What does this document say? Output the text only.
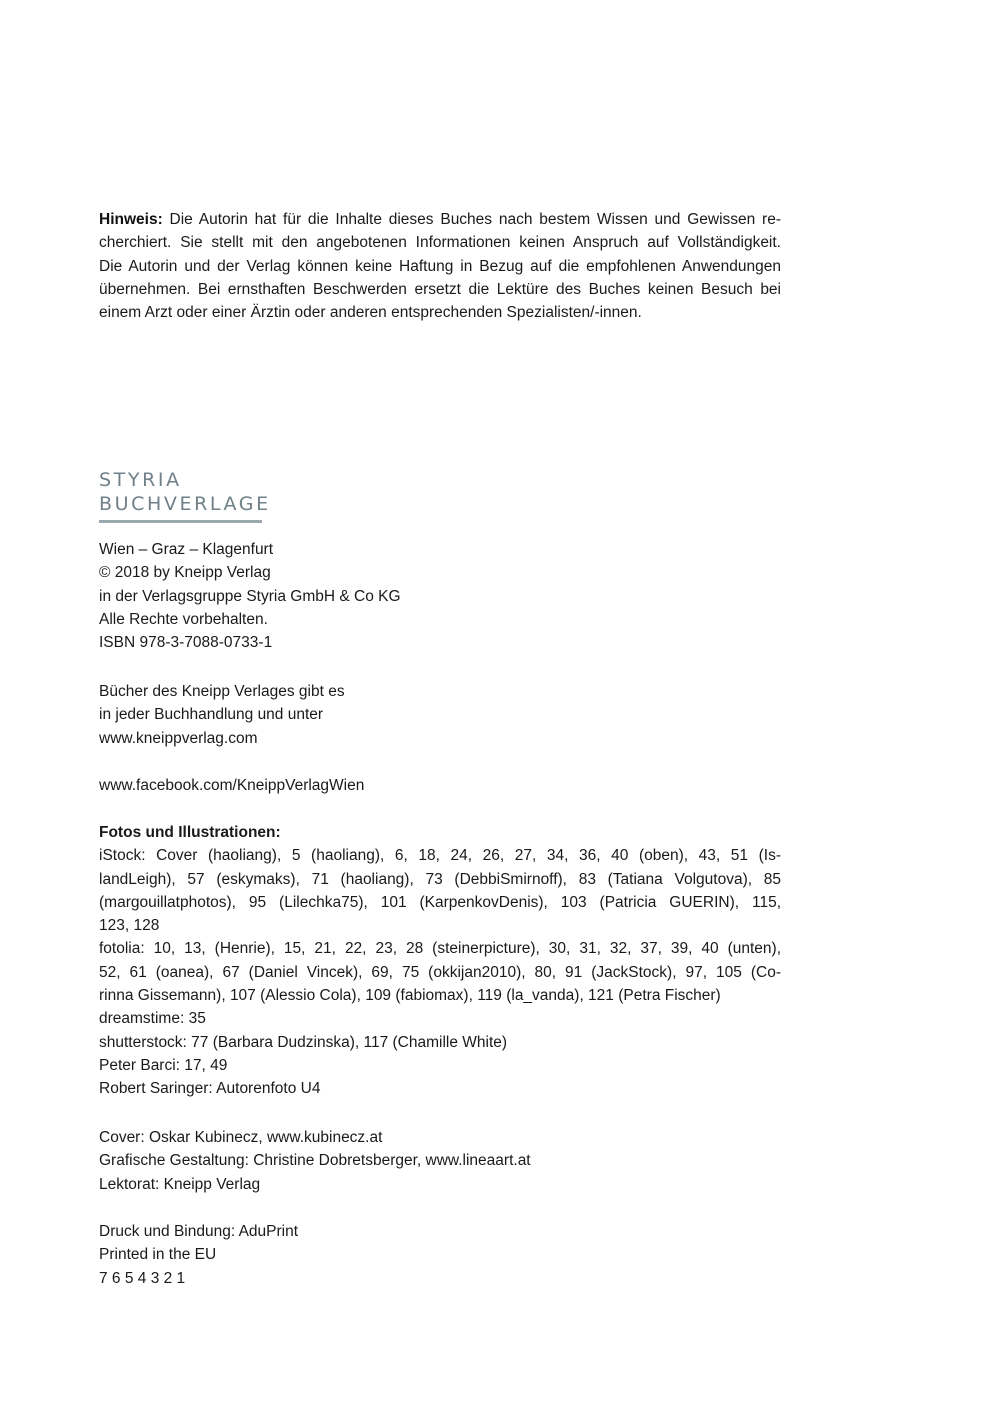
Hinweis: Die Autorin hat für die Inhalte dieses Buches nach bestem Wissen und Gewissen re-
cherchiert. Sie stellt mit den angebotenen Informationen keinen Anspruch auf Vollständigkeit.
Die Autorin und der Verlag können keine Haftung in Bezug auf die empfohlenen Anwendungen
übernehmen. Bei ernsthaften Beschwerden ersetzt die Lektüre des Buches keinen Besuch bei
einem Arzt oder einer Ärztin oder anderen entsprechenden Spezialisten/-innen.
STYRIA
BUCHVERLAGE
Wien – Graz – Klagenfurt
© 2018 by Kneipp Verlag
in der Verlagsgruppe Styria GmbH & Co KG
Alle Rechte vorbehalten.
ISBN 978-3-7088-0733-1
Bücher des Kneipp Verlages gibt es
in jeder Buchhandlung und unter
www.kneippverlag.com
www.facebook.com/KneippVerlagWien
Fotos und Illustrationen:
iStock: Cover (haoliang), 5 (haoliang), 6, 18, 24, 26, 27, 34, 36, 40 (oben), 43, 51 (Is-
landLeigh), 57 (eskymaks), 71 (haoliang), 73 (DebbiSmirnoff), 83 (Tatiana Volgutova), 85
(margouillatphotos), 95 (Lilechka75), 101 (KarpenkovDenis), 103 (Patricia GUERIN), 115,
123, 128
fotolia: 10, 13, (Henrie), 15, 21, 22, 23, 28 (steinerpicture), 30, 31, 32, 37, 39, 40 (unten),
52, 61 (oanea), 67 (Daniel Vincek), 69, 75 (okkijan2010), 80, 91 (JackStock), 97, 105 (Co-
rinna Gissemann), 107 (Alessio Cola), 109 (fabiomax), 119 (la_vanda), 121 (Petra Fischer)
dreamstime: 35
shutterstock: 77 (Barbara Dudzinska), 117 (Chamille White)
Peter Barci: 17, 49
Robert Saringer: Autorenfoto U4
Cover: Oskar Kubinecz, www.kubinecz.at
Grafische Gestaltung: Christine Dobretsberger, www.lineaart.at
Lektorat: Kneipp Verlag
Druck und Bindung: AduPrint
Printed in the EU
7 6 5 4 3 2 1
